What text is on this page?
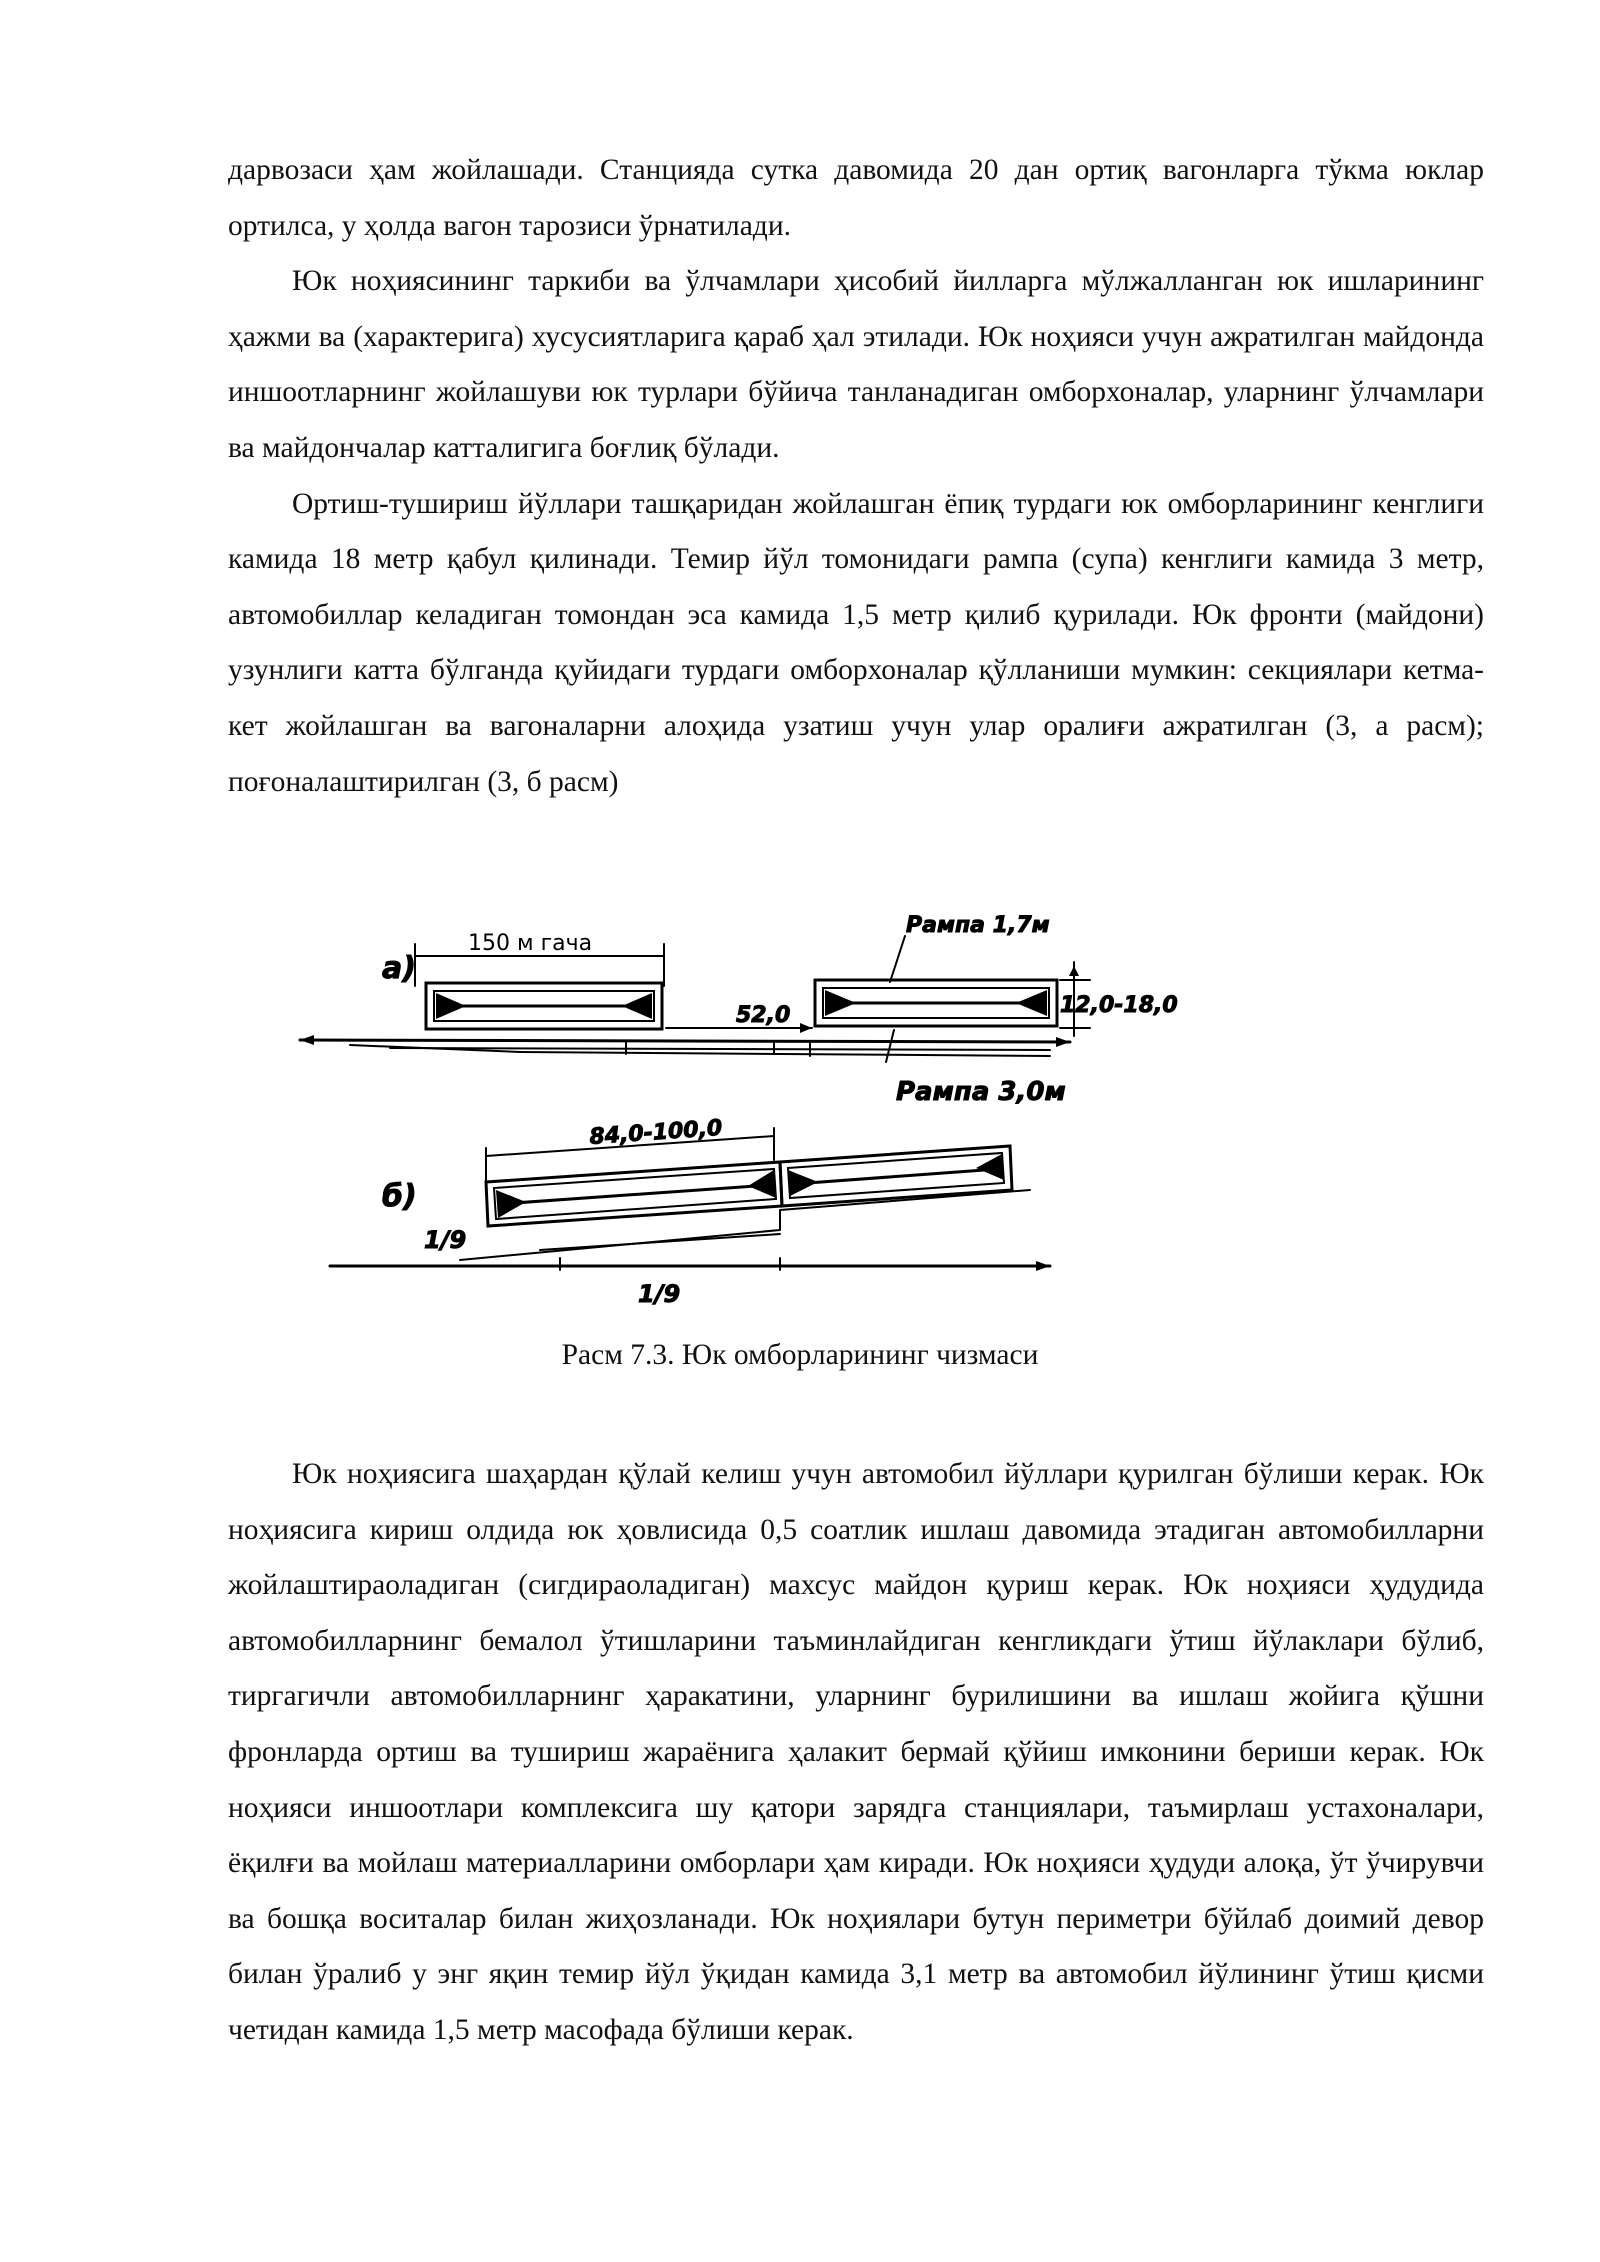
дарвозаси ҳам жойлашади. Станцияда сутка давомида 20 дан ортиқ вагонларга тўкма юклар ортилса, у ҳолда вагон тарозиси ўрнатилади.

Юк ноҳиясининг таркиби ва ўлчамлари ҳисобий йилларга мўлжалланган юк ишларининг ҳажми ва (характерига) хусусиятларига қараб ҳал этилади. Юк ноҳияси учун ажратилган майдонда иншоотларнинг жойлашуви юк турлари бўйича танланадиган омборхоналар, уларнинг ўлчамлари ва майдончалар катталигига боғлиқ бўлади.

Ортиш-тушириш йўллари ташқаридан жойлашган ёпиқ турдаги юк омборларининг кенглиги камида 18 метр қабул қилинади. Темир йўл томонидаги рампа (супа) кенглиги камида 3 метр, автомобиллар келадиган томондан эса камида 1,5 метр қилиб қурилади. Юк фронти (майдони) узунлиги катта бўлганда қуйидаги турдаги омборхоналар қўлланиши мумкин: секциялари кетма-кет жойлашган ва вагоналарни алоҳида узатиш учун улар оралиғи ажратилган (3, а расм); поғоналаштирилган (3, б расм)

а)
150 м гача
Рампа 1,7м
12,0-18,0
52,0
Рампа 3,0м
б)
84,0-100,0
1/9
1/9
Расм 7.3. Юк омборларининг чизмаси

Юк ноҳиясига шаҳардан қўлай келиш учун автомобил йўллари қурилган бўлиши керак. Юк ноҳиясига кириш олдида юк ҳовлисида 0,5 соатлик ишлаш давомида этадиган автомобилларни жойлаштираоладиган (сигдираоладиган) махсус майдон қуриш керак. Юк ноҳияси ҳудудида автомобилларнинг бемалол ўтишларини таъминлайдиган кенгликдаги ўтиш йўлаклари бўлиб, тиргагичли автомобилларнинг ҳаракатини, уларнинг бурилишини ва ишлаш жойига қўшни фронларда ортиш ва тушириш жараёнига ҳалакит бермай қўйиш имконини бериши керак. Юк ноҳияси иншоотлари комплексига шу қатори зарядга станциялари, таъмирлаш устахоналари, ёқилғи ва мойлаш материалларини омборлари ҳам киради. Юк ноҳияси ҳудуди алоқа, ўт ўчирувчи ва бошқа воситалар билан жиҳозланади. Юк ноҳиялари бутун периметри бўйлаб доимий девор билан ўралиб у энг яқин темир йўл ўқидан камида 3,1 метр ва автомобил йўлининг ўтиш қисми четидан камида 1,5 метр масофада бўлиши керак.
